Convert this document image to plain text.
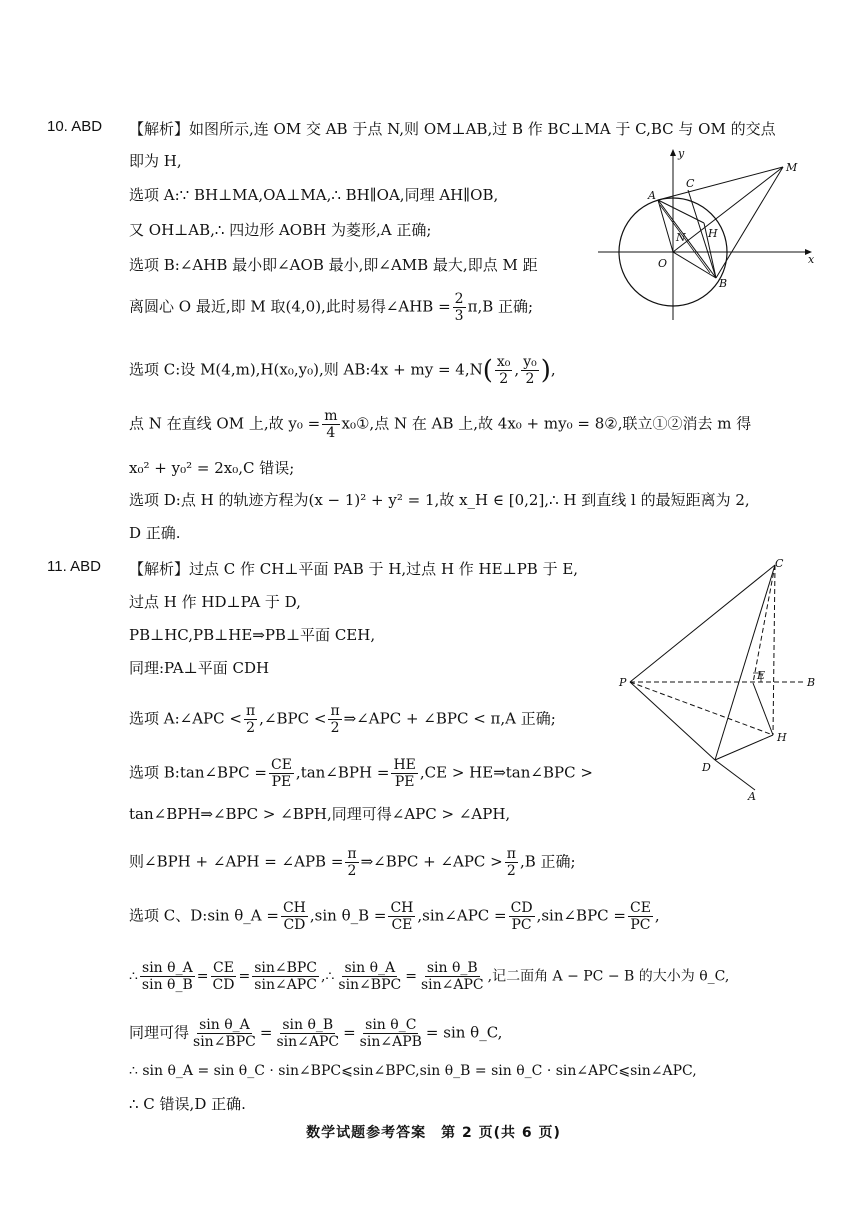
10. ABD 【解析】如图所示,连 OM 交 AB 于点 N,则 OM⊥AB,过 B 作 BC⊥MA 于 C,BC 与 OM 的交点
即为 H,
选项 A:∵ BH⊥MA,OA⊥MA,∴ BH∥OA,同理 AH∥OB,
又 OH⊥AB,∴ 四边形 AOBH 为菱形,A 正确;
选项 B:∠AHB 最小即∠AOB 最小,即∠AMB 最大,即点 M 距
离圆心 O 最近,即 M 取(4,0),此时易得∠AHB = $\frac{2}{3} \pi,B$ 正确;
选项 C:设 M(4,m),H(x₀,y₀),则 AB:4x + my = $4,N( \frac{\text{x₀}}{2}$ , $\frac{\text{y₀}}{2}$ ),
点 N 在直线 OM 上,故 $y_0 = \frac{m}{4}$ x₀①,点 N 在 AB 上,故 4x₀ + my₀ = 8②,联立①②消去 m 得
x₀² + y₀² = 2x₀,C 错误;
选项 D:点 H 的轨迹方程为(x − 1)² + y² = 1,故 x_H ∈ [0,2],∴ H 到直线 l 的最短距离为 2,
D 正确.
y
x
M
A
C
N H
O
B
11. ABD 【解析】过点 C 作 CH⊥平面 PAB 于 H,过点 H 作 HE⊥PB 于 E,
过点 H 作 HD⊥PA 于 D,
PB⊥HC,PB⊥HE⇒PB⊥平面 CEH,
同理:PA⊥平面 CDH
选项 A:∠APC < $\frac{\pi}{2}$ ,∠BPC < $\frac{\pi}{2}$ ⇒∠APC + ∠BPC < π,A 正确;
选项 B:tan∠BPC = $\frac{CE}{PE}$ ,tan∠BPH = $\frac{HE}{PE} ,CE$ > HE⇒tan∠BPC >
tan∠BPH⇒∠BPC > ∠BPH,同理可得∠APC > ∠APH,
则∠BPH + ∠APH = ∠APB = $\frac{\pi}{2}$ ⇒∠BPC + ∠APC > $\frac{\pi}{2} ,B$ 正确;
选项 C、D:sin θ_A = $\frac{CH}{CD} ,\sin$ θ_B = $\frac{CH}{CE}$ ,sin∠APC = $\frac{CD}{PC}$ ,sin∠BPC = $\frac{CE}{PC}$ ,
∴ $\frac{\text{sin θ\_A}}{\text{sin θ\_B}} = \frac{CE}{CD} = \frac{\text{sin∠BPC}}{\text{sin∠APC}}$ ,∴ $\frac{\text{sin θ\_A}}{\text{sin∠BPC}} = \frac{\text{sin θ\_B}}{\text{sin∠APC}}$ ,记二面角 A − PC − B 的大小为 θ_C,
同理可得 $\frac{\text{sin θ\_A}}{\text{sin∠BPC}} = \frac{\text{sin θ\_B}}{\text{sin∠APC}} = \frac{\text{sin θ\_C}}{\text{sin∠APB}} = \sin$ θ_C,
∴ sin θ_A = sin θ_C · sin∠BPC⩽sin∠BPC,sin θ_B = sin θ_C · sin∠APC⩽sin∠APC,
∴ C 错误,D 正确.
C
P
E
B
H
D
A
数学试题参考答案　第 2 页(共 6 页)
